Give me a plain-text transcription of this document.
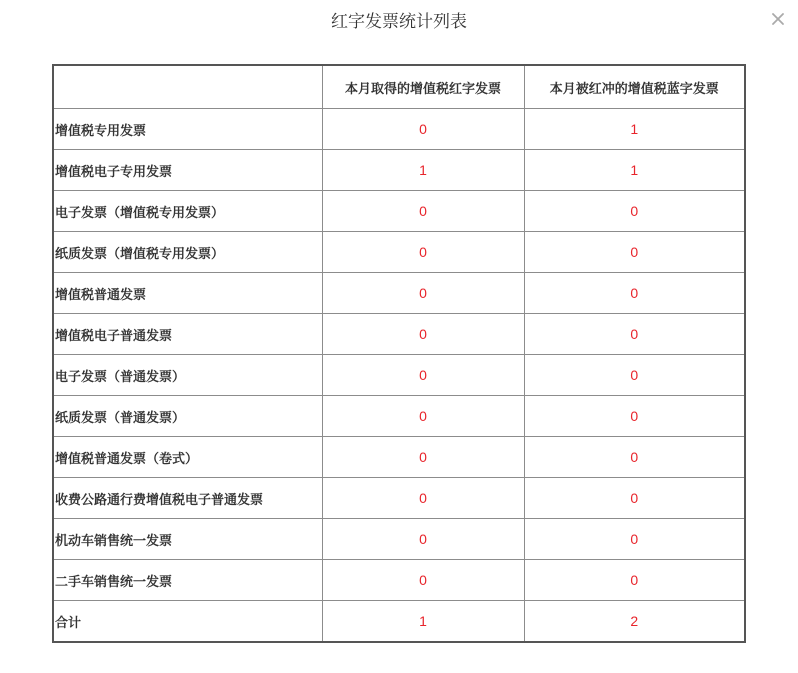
红字发票统计列表
	本月取得的增值税红字发票	本月被红冲的增值税蓝字发票
增值税专用发票	0	1
增值税电子专用发票	1	1
电子发票（增值税专用发票）	0	0
纸质发票（增值税专用发票）	0	0
增值税普通发票	0	0
增值税电子普通发票	0	0
电子发票（普通发票）	0	0
纸质发票（普通发票）	0	0
增值税普通发票（卷式）	0	0
收费公路通行费增值税电子普通发票	0	0
机动车销售统一发票	0	0
二手车销售统一发票	0	0
合计	1	2
